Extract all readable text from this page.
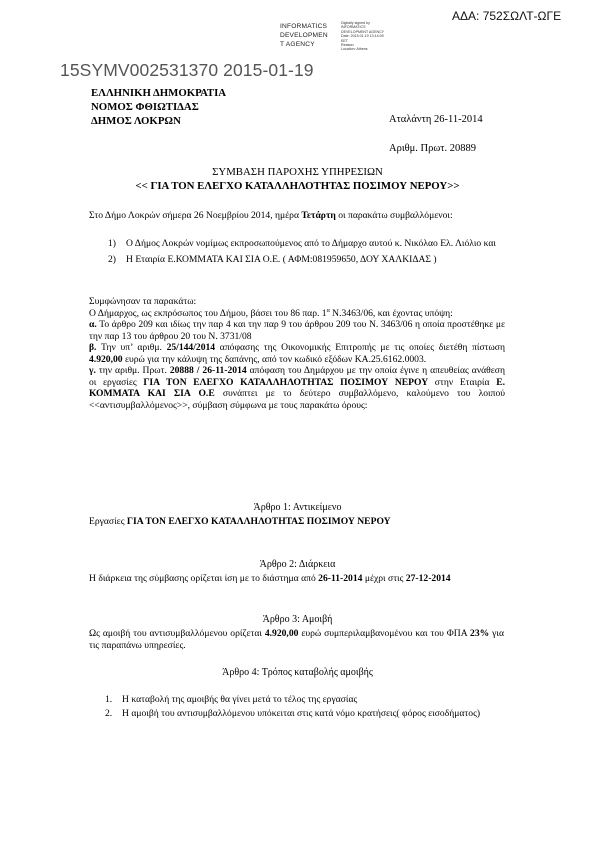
INFORMATICS
DEVELOPMEN
T AGENCY
Digitally signed by
INFORMATICS
DEVELOPMENT AGENCY
Date: 2015.01.19 13:14:09
EET
Reason:
Location: Athens
ΑΔΑ: 752ΣΩΛΤ-ΩΓΕ
15SYMV002531370 2015-01-19
ΕΛΛΗΝΙΚΗ ΔΗΜΟΚΡΑΤΙΑ
ΝΟΜΟΣ ΦΘΙΩΤΙΔΑΣ
ΔΗΜΟΣ ΛΟΚΡΩΝ	Αταλάντη 26-11-2014
Αριθμ. Πρωτ. 20889
ΣΥΜΒΑΣΗ ΠΑΡΟΧΗΣ ΥΠΗΡΕΣΙΩΝ
<< ΓΙΑ ΤΟΝ ΕΛΕΓΧΟ ΚΑΤΑΛΛΗΛΟΤΗΤΑΣ ΠΟΣΙΜΟΥ ΝΕΡΟΥ>>

Στο Δήμο Λοκρών σήμερα 26 Νοεμβρίου 2014, ημέρα Τετάρτη οι παρακάτω συμβαλλόμενοι:

1)	Ο Δήμος Λοκρών νομίμως εκπροσωπούμενος από το Δήμαρχο αυτού κ. Νικόλαο Ελ. Λιόλιο και
2)	Η Εταιρία Ε.ΚΟΜΜΑΤΑ ΚΑΙ ΣΙΑ Ο.Ε. ( ΑΦΜ:081959650, ΔΟΥ ΧΑΛΚΙΔΑΣ )

Συμφώνησαν τα παρακάτω:

Ο Δήμαρχος, ως εκπρόσωπος του Δήμου, βάσει του 86 παρ. $1^\alpha$ Ν.3463/06, και έχοντας υπόψη:

α. Το άρθρο 209 και ιδίως την παρ 4 και την παρ 9 του άρθρου 209 του Ν. 3463/06 η οποία προστέθηκε με την παρ 13 του άρθρου 20 του Ν. 3731/08

β. Την υπ’ αριθμ. 25/144/2014 απόφασης της Οικονομικής Επιτροπής με τις οποίες διετέθη πίστωση 4.920,00 ευρώ για την κάλυψη της δαπάνης, από τον κωδικό εξόδων ΚΑ.25.6162.0003.

γ. την αριθμ. Πρωτ. 20888 / 26-11-2014 απόφαση του Δημάρχου με την οποία έγινε η απευθείας ανάθεση οι εργασίες ΓΙΑ ΤΟΝ ΕΛΕΓΧΟ ΚΑΤΑΛΛΗΛΟΤΗΤΑΣ ΠΟΣΙΜΟΥ ΝΕΡΟΥ στην Εταιρία Ε. ΚΟΜΜΑΤΑ ΚΑΙ ΣΙΑ Ο.Ε συνάπτει με το δεύτερο συμβαλλόμενο, καλούμενο του λοιπού <<αντισυμβαλλόμενος>>, σύμβαση σύμφωνα με τους παρακάτω όρους:

Άρθρο 1: Αντικείμενο

Εργασίες ΓΙΑ ΤΟΝ ΕΛΕΓΧΟ ΚΑΤΑΛΛΗΛΟΤΗΤΑΣ ΠΟΣΙΜΟΥ ΝΕΡΟΥ

Άρθρο 2: Διάρκεια

Η διάρκεια της σύμβασης ορίζεται ίση με το διάστημα από 26-11-2014 μέχρι στις 27-12-2014

Άρθρο 3: Αμοιβή

Ως αμοιβή του αντισυμβαλλόμενου ορίζεται 4.920,00 ευρώ συμπεριλαμβανομένου και του ΦΠΑ 23% για τις παραπάνω υπηρεσίες.

Άρθρο 4: Τρόπος καταβολής αμοιβής
1. Η καταβολή της αμοιβής θα γίνει μετά το τέλος της εργασίας
2. Η αμοιβή του αντισυμβαλλόμενου υπόκειται στις κατά νόμο κρατήσεις( φόρος εισοδήματος)
